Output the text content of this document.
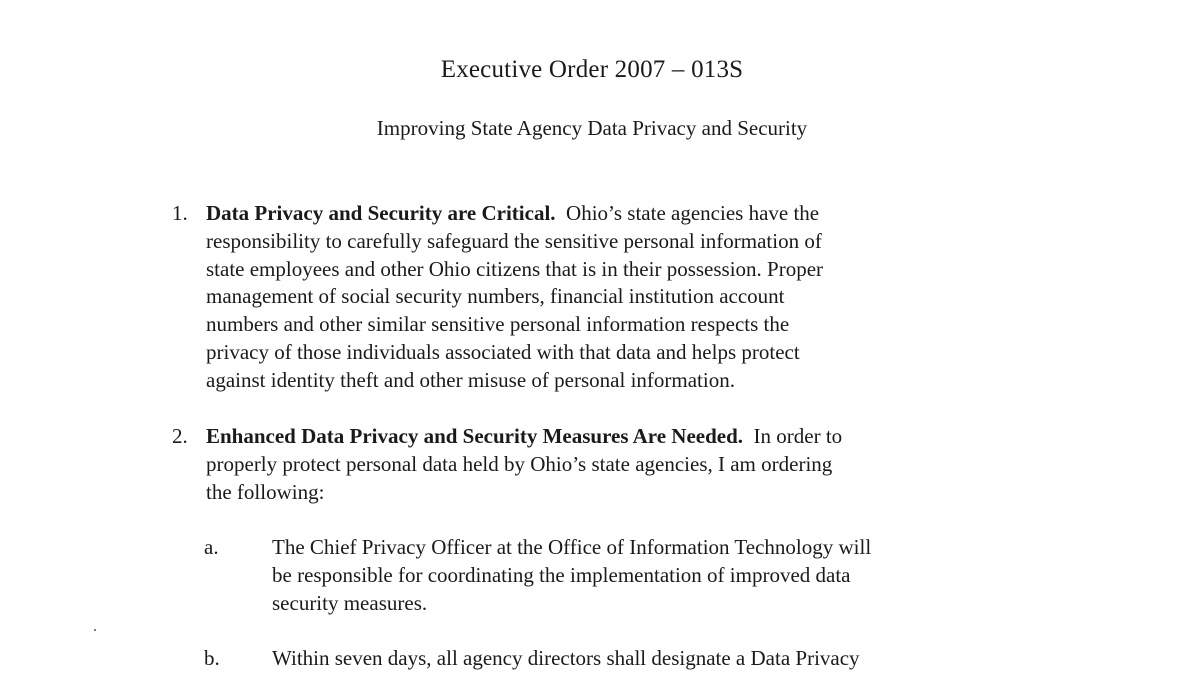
Executive Order 2007 – 013S
Improving State Agency Data Privacy and Security
1. Data Privacy and Security are Critical. Ohio’s state agencies have the
responsibility to carefully safeguard the sensitive personal information of
state employees and other Ohio citizens that is in their possession. Proper
management of social security numbers, financial institution account
numbers and other similar sensitive personal information respects the
privacy of those individuals associated with that data and helps protect
against identity theft and other misuse of personal information.
2. Enhanced Data Privacy and Security Measures Are Needed. In order to
properly protect personal data held by Ohio’s state agencies, I am ordering
the following:
a.	The Chief Privacy Officer at the Office of Information Technology will
be responsible for coordinating the implementation of improved data
security measures.
b. Within seven days, all agency directors shall designate a Data Privacy
